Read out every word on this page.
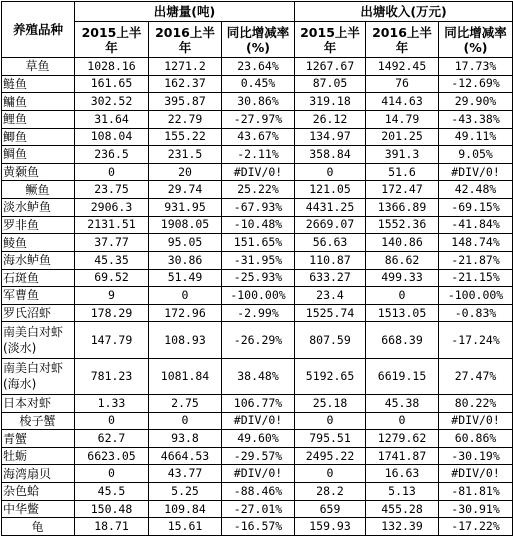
养殖品种	出塘量(吨)			出塘收入(万元)		
	2015上半年	2016上半年	同比增减率(%)	2015上半年	2016上半年	同比增减率(%)
草鱼	1028.16	1271.2	23.64%	1267.67	1492.45	17.73%
鲢鱼	161.65	162.37	0.45%	87.05	76	-12.69%
鳙鱼	302.52	395.87	30.86%	319.18	414.63	29.90%
鲤鱼	31.64	22.79	-27.97%	26.12	14.79	-43.38%
鲫鱼	108.04	155.22	43.67%	134.97	201.25	49.11%
鲷鱼	236.5	231.5	-2.11%	358.84	391.3	9.05%
黄颡鱼	0	20	#DIV/0!	0	51.6	#DIV/0!
鳜鱼	23.75	29.74	25.22%	121.05	172.47	42.48%
淡水鲈鱼	2906.3	931.95	-67.93%	4431.25	1366.89	-69.15%
罗非鱼	2131.51	1908.05	-10.48%	2669.07	1552.36	-41.84%
鲮鱼	37.77	95.05	151.65%	56.63	140.86	148.74%
海水鲈鱼	45.35	30.86	-31.95%	110.87	86.62	-21.87%
石斑鱼	69.52	51.49	-25.93%	633.27	499.33	-21.15%
军曹鱼	9	0	-100.00%	23.4	0	-100.00%
罗氏沼虾	178.29	172.96	-2.99%	1525.74	1513.05	-0.83%
南美白对虾(淡水)	147.79	108.93	-26.29%	807.59	668.39	-17.24%
南美白对虾(海水)	781.23	1081.84	38.48%	5192.65	6619.15	27.47%
日本对虾	1.33	2.75	106.77%	25.18	45.38	80.22%
梭子蟹	0	0	#DIV/0!	0	0	#DIV/0!
青蟹	62.7	93.8	49.60%	795.51	1279.62	60.86%
牡蛎	6623.05	4664.53	-29.57%	2495.22	1741.87	-30.19%
海湾扇贝	0	43.77	#DIV/0!	0	16.63	#DIV/0!
杂色蛤	45.5	5.25	-88.46%	28.2	5.13	-81.81%
中华鳖	150.48	109.84	-27.01%	659	455.28	-30.91%
龟	18.71	15.61	-16.57%	159.93	132.39	-17.22%
